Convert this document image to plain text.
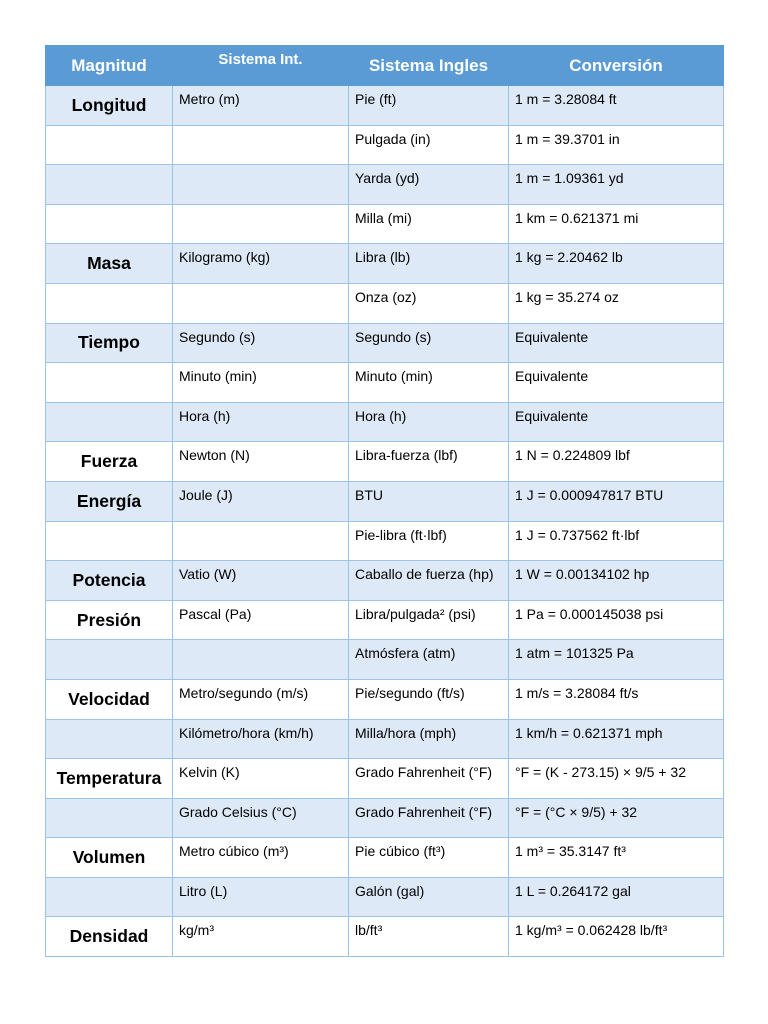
Magnitud	Sistema Int.	Sistema Ingles	Conversión
Longitud	Metro (m)	Pie (ft)	1 m = 3.28084 ft
		Pulgada (in)	1 m = 39.3701 in
		Yarda (yd)	1 m = 1.09361 yd
		Milla (mi)	1 km = 0.621371 mi
Masa	Kilogramo (kg)	Libra (lb)	1 kg = 2.20462 lb
		Onza (oz)	1 kg = 35.274 oz
Tiempo	Segundo (s)	Segundo (s)	Equivalente
	Minuto (min)	Minuto (min)	Equivalente
	Hora (h)	Hora (h)	Equivalente
Fuerza	Newton (N)	Libra-fuerza (lbf)	1 N = 0.224809 lbf
Energía	Joule (J)	BTU	1 J = 0.000947817 BTU
		Pie-libra (ft·lbf)	1 J = 0.737562 ft·lbf
Potencia	Vatio (W)	Caballo de fuerza (hp)	1 W = 0.00134102 hp
Presión	Pascal (Pa)	Libra/pulgada² (psi)	1 Pa = 0.000145038 psi
		Atmósfera (atm)	1 atm = 101325 Pa
Velocidad	Metro/segundo (m/s)	Pie/segundo (ft/s)	1 m/s = 3.28084 ft/s
	Kilómetro/hora (km/h)	Milla/hora (mph)	1 km/h = 0.621371 mph
Temperatura	Kelvin (K)	Grado Fahrenheit (°F)	°F = (K - 273.15) × 9/5 + 32
	Grado Celsius (°C)	Grado Fahrenheit (°F)	°F = (°C × 9/5) + 32
Volumen	Metro cúbico (m³)	Pie cúbico (ft³)	1 m³ = 35.3147 ft³
	Litro (L)	Galón (gal)	1 L = 0.264172 gal
Densidad	kg/m³	lb/ft³	1 kg/m³ = 0.062428 lb/ft³
